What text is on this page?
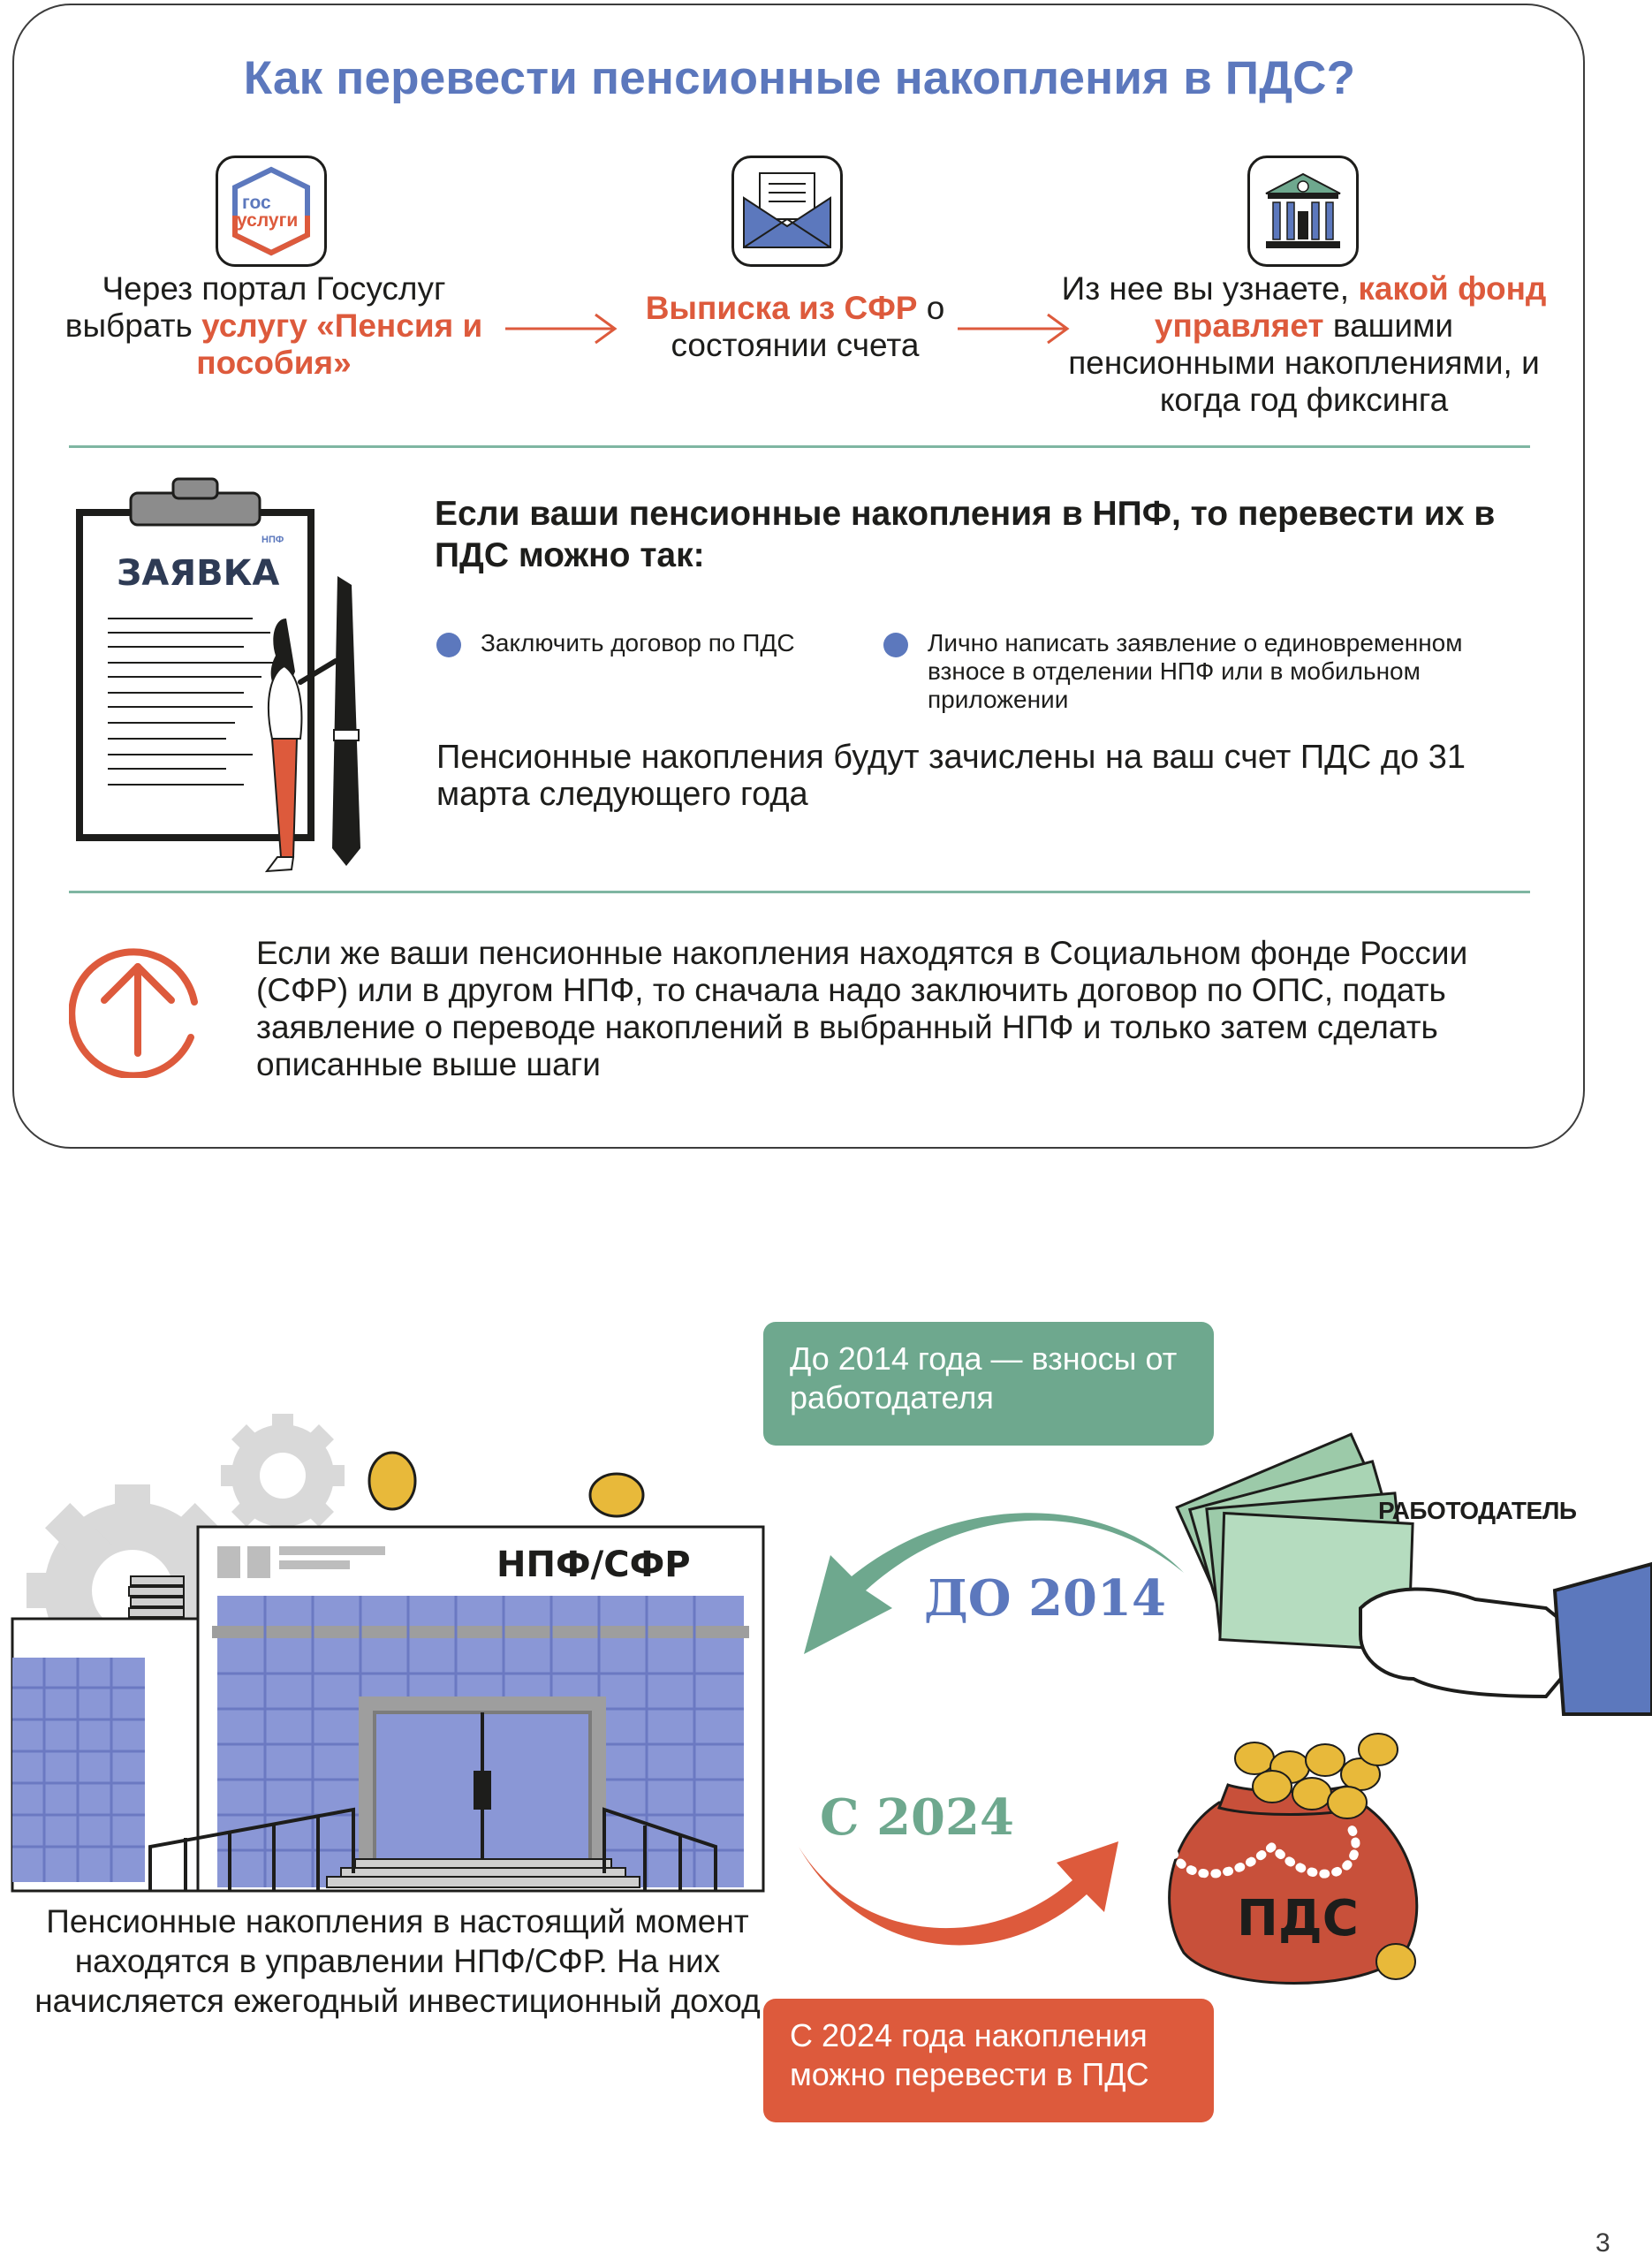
Как перевести пенсионные накопления в ПДС?
гос
услуги
Через портал Госуслуг выбрать услугу «Пенсия и пособия»
Выписка из СФР о состоянии счета
Из нее вы узнаете, какой фонд управляет вашими пенсионными накоплениями, и когда год фиксинга
ЗАЯВКА
НПФ
Если ваши пенсионные накопления в НПФ, то перевести их в ПДС можно так:
Заключить договор по ПДС	Лично написать заявление о единовременном взносе в отделении НПФ или в мобильном приложении
Пенсионные накопления будут зачислены на ваш счет ПДС до 31 марта следующего года
Если же ваши пенсионные накопления находятся в Социальном фонде России (СФР) или в другом НПФ, то сначала надо заключить договор по ОПС, подать заявление о переводе накоплений в выбранный НПФ и только затем сделать описанные выше шаги
До 2014 года — взносы от работодателя
С 2024 года накопления можно перевести в ПДС
НПФ/СФР
ДО 2014
С 2024
РАБОТОДАТЕЛЬ
ПДС
Пенсионные накопления в настоящий момент находятся в управлении НПФ/СФР. На них начисляется ежегодный инвестиционный доход
3
